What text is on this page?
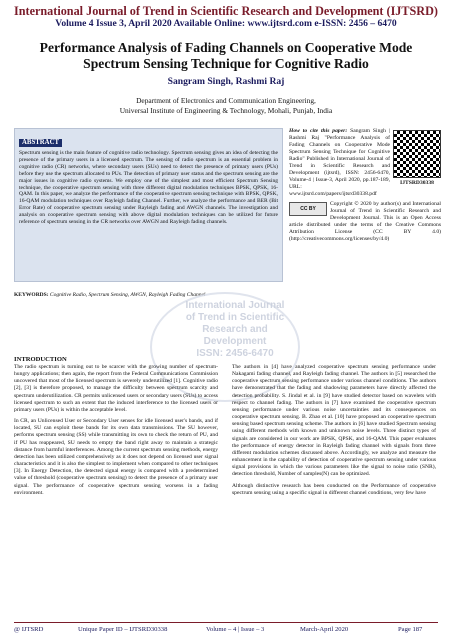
International Journal of Trend in Scientific Research and Development (IJTSRD)
Volume 4 Issue 3, April 2020 Available Online: www.ijtsrd.com e-ISSN: 2456 – 6470
Performance Analysis of Fading Channels on Cooperative Mode Spectrum Sensing Technique for Cognitive Radio
Sangram Singh, Rashmi Raj
Department of Electronics and Communication Engineering,
Universal Institute of Engineering & Technology, Mohali, Punjab, India
ABSTRACT
Spectrum sensing is the main feature of cognitive radio technology. Spectrum sensing gives an idea of detecting the presence of the primary users in a licensed spectrum. The sensing of radio spectrum is an essential problem in cognitive radio (CR) networks, where secondary users (SUs) need to detect the presence of primary users (PUs) before they use the spectrum allocated to PUs. The detection of primary user status and the spectrum sensing are the major issues in cognitive radio systems. We employ one of the simplest and most efficient Spectrum Sensing technique, the cooperative spectrum sensing with three different digital modulation techniques BPSK, QPSK, 16-QAM. In this paper, we analyze the performance of the cooperative spectrum sensing technique with BPSK, QPSK, 16-QAM modulation techniques over Rayleigh fading Channel. Further, we analyze the performance and BER (Bit Error Rate) of cooperative spectrum sensing under Rayleigh fading and AWGN channels. The investigation and analysis on cooperative spectrum sensing with above digital modulation techniques can be utilized for future reference of spectrum sensing in the CR networks over AWGN and Rayleigh fading channels.
KEYWORDS: Cognitive Radio, Spectrum Sensing, AWGN, Rayleigh Fading Channel
IJTSRD30338
How to cite this paper: Sangram Singh | Rashmi Raj "Performance Analysis of Fading Channels on Cooperative Mode Spectrum Sensing Technique for Cognitive Radio" Published in International Journal of Trend in Scientific Research and Development (ijtsrd), ISSN: 2456-6470, Volume-4 | Issue-3, April 2020, pp.187-189, URL: www.ijtsrd.com/papers/ijtsrd30338.pdf
CC BY
Copyright © 2020 by author(s) and International Journal of Trend in Scientific Research and Development Journal. This is an Open Access article distributed under the terms of the Creative Commons Attribution License (CC BY 4.0) (http://creativecommons.org/licenses/by/4.0)
International Journal
of Trend in Scientific
Research and
Development
ISSN: 2456-6470
INTRODUCTION

The radio spectrum is turning out to be scarcer with the growing number of spectrum-hungry applications; then again, the report from the Federal Communications Commission uncovered that most of the licensed spectrum is severely underutilized [1]. Cognitive radio [2], [3] is therefore proposed, to manage the difficulty between spectrum scarcity and spectrum underutilization. CR permits unlicensed users or secondary users (SUs) to access licensed spectrum to such an extent that the induced interference to the licensed users or primary users (PUs) is within the acceptable level.

In CR, an Unlicensed User or Secondary User senses for idle licensed user's bands, and if located, SU can exploit these bands for its own data transmissions. The SU however, performs spectrum sensing (SS) while transmitting its own to check the return of PU, and if PU has reappeared, SU needs to empty the band right away to maintain a strategic distance from harmful interferences. Among the current spectrum sensing methods, energy detection has been utilized comprehensively as it does not depend on licensed user signal characteristics and it is also the simplest to implement when compared to other techniques [3]. In Energy Detection, the detected signal energy is compared with a predetermined value of threshold (cooperative spectrum sensing) to detect the presence of a primary user signal. The performance of cooperative spectrum sensing worsens in a fading environment.

The authors in [4] have analyzed cooperative spectrum sensing performance under Nakagami fading channel, and Rayleigh fading channel. The authors in [5] researched the cooperative spectrum sensing performance under various channel conditions. The authors have demonstrated that the fading and shadowing parameters have directly affected the detection probability. S. Jindal et al. in [9] have studied detector based on wavelets with respect to channel fading. The authors in [7] have examined the cooperative spectrum sensing performance under various noise uncertainties and its consequences on cooperative spectrum sensing. B. Zhao et al. [10] have proposed an cooperative spectrum sensing based spectrum sensing scheme. The authors in [6] have studied Spectrum sensing using different methods with known and unknown noise levels. Three distinct types of signals are considered in our work are BPSK, QPSK, and 16-QAM. This paper evaluates the performance of energy detector in Rayleigh fading channel with signals from three different modulation schemes discussed above. Accordingly, we analyze and measure the enhancement in the capability of detection of cooperative spectrum sensing under various signal provisions in which the various parameters like the signal to noise ratio (SNR), detection threshold, Number of samples(N) can be optimized.

Although distinctive research has been conducted on the Performance of cooperative spectrum sensing using a specific signal in different channel conditions, very few have

@ IJTSRD	Unique Paper ID – IJTSRD30338	Volume – 4 | Issue – 3	March-April 2020	Page 187
